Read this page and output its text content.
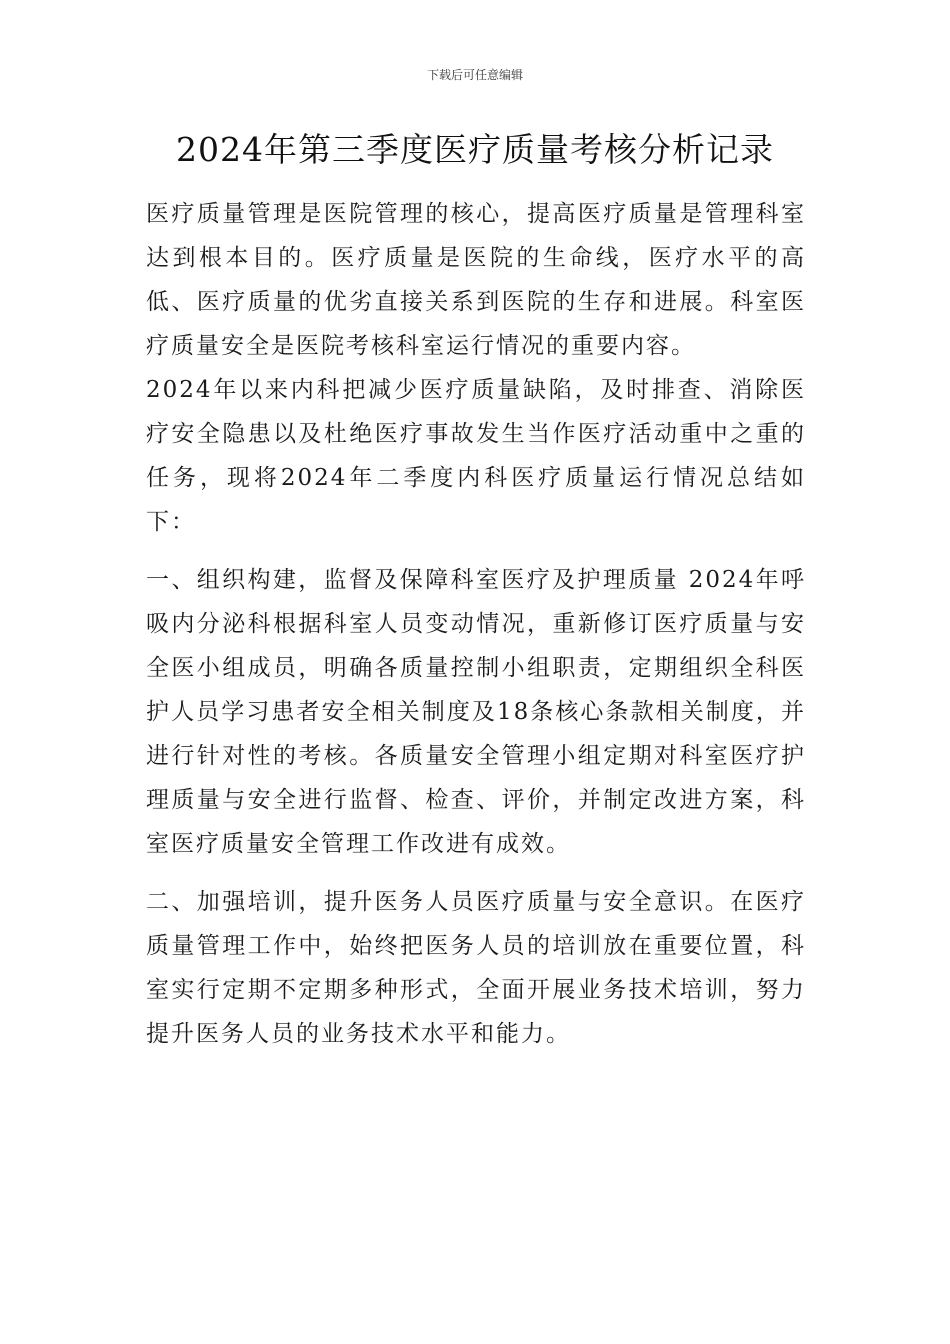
下载后可任意编辑
2024年第三季度医疗质量考核分析记录

医疗质量管理是医院管理的核心，提高医疗质量是管理科室达到根本目的。医疗质量是医院的生命线，医疗水平的高低、医疗质量的优劣直接关系到医院的生存和进展。科室医疗质量安全是医院考核科室运行情况的重要内容。

2024年以来内科把减少医疗质量缺陷，及时排查、消除医疗安全隐患以及杜绝医疗事故发生当作医疗活动重中之重的任务，现将2024年二季度内科医疗质量运行情况总结如下：

一、组织构建，监督及保障科室医疗及护理质量 2024年呼吸内分泌科根据科室人员变动情况，重新修订医疗质量与安全医小组成员，明确各质量控制小组职责，定期组织全科医护人员学习患者安全相关制度及18条核心条款相关制度，并进行针对性的考核。各质量安全管理小组定期对科室医疗护理质量与安全进行监督、检查、评价，并制定改进方案，科室医疗质量安全管理工作改进有成效。

二、加强培训，提升医务人员医疗质量与安全意识。在医疗质量管理工作中，始终把医务人员的培训放在重要位置，科室实行定期不定期多种形式，全面开展业务技术培训，努力提升医务人员的业务技术水平和能力。
